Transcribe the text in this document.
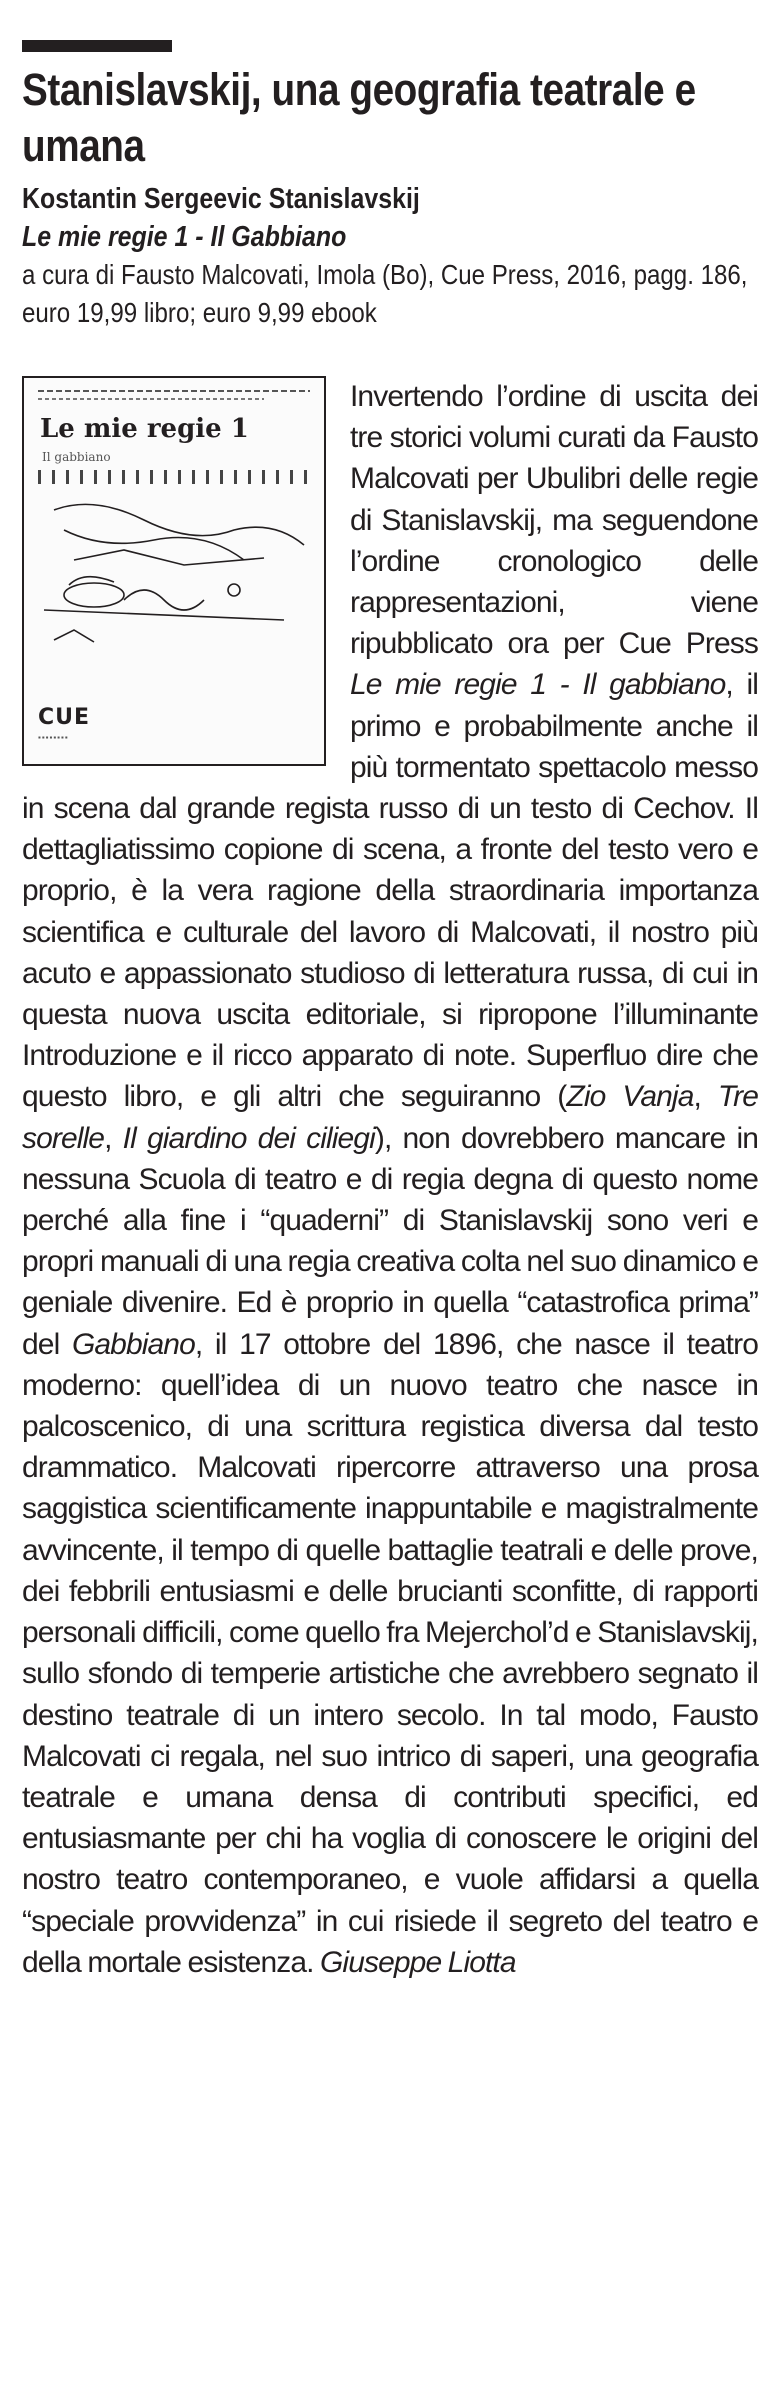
Stanislavskij, una geografia teatrale e umana
Kostantin Sergeevic Stanislavskij
Le mie regie 1 - Il Gabbiano
a cura di Fausto Malcovati, Imola (Bo), Cue Press, 2016, pagg. 186, euro 19,99 libro; euro 9,99 ebook
Le mie regie 1
Il gabbiano
CUE
▪▪▪▪▪▪▪▪

Invertendo l’ordine di uscita dei tre storici volumi curati da Fausto Malcovati per Ubulibri delle regie di Stanislavskij, ma seguendone l’ordine cronologico delle rappresentazioni, viene ripubblicato ora per Cue Press Le mie regie 1 - Il gabbiano, il primo e probabilmente anche il più tormentato spettacolo messo in scena dal grande regista russo di un testo di Cechov. Il dettagliatissimo copione di scena, a fronte del testo vero e proprio, è la vera ragione della straordinaria importanza scientifica e culturale del lavoro di Malcovati, il nostro più acuto e appassionato studioso di letteratura russa, di cui in questa nuova uscita editoriale, si ripropone l’illuminante Introduzione e il ricco apparato di note. Superfluo dire che questo libro, e gli altri che seguiranno (Zio Vanja, Tre sorelle, Il giardino dei ciliegi), non dovrebbero mancare in nessuna Scuola di teatro e di regia degna di questo nome perché alla fine i “quaderni” di Stanislavskij sono veri e propri manuali di una regia creativa colta nel suo dinamico e geniale divenire. Ed è proprio in quella “catastrofica prima” del Gabbiano, il 17 ottobre del 1896, che nasce il teatro moderno: quell’idea di un nuovo teatro che nasce in palcoscenico, di una scrittura registica diversa dal testo drammatico. Malcovati ripercorre attraverso una prosa saggistica scientificamente inappuntabile e magistralmente avvincente, il tempo di quelle battaglie teatrali e delle prove, dei febbrili entusiasmi e delle brucianti sconfitte, di rapporti personali difficili, come quello fra Mejerchol’d e Stanislavskij, sullo sfondo di temperie artistiche che avrebbero segnato il destino teatrale di un intero secolo. In tal modo, Fausto Malcovati ci regala, nel suo intrico di saperi, una geografia teatrale e umana densa di contributi specifici, ed entusiasmante per chi ha voglia di conoscere le origini del nostro teatro contemporaneo, e vuole affidarsi a quella “speciale provvidenza” in cui risiede il segreto del teatro e della mortale esistenza. Giuseppe Liotta
